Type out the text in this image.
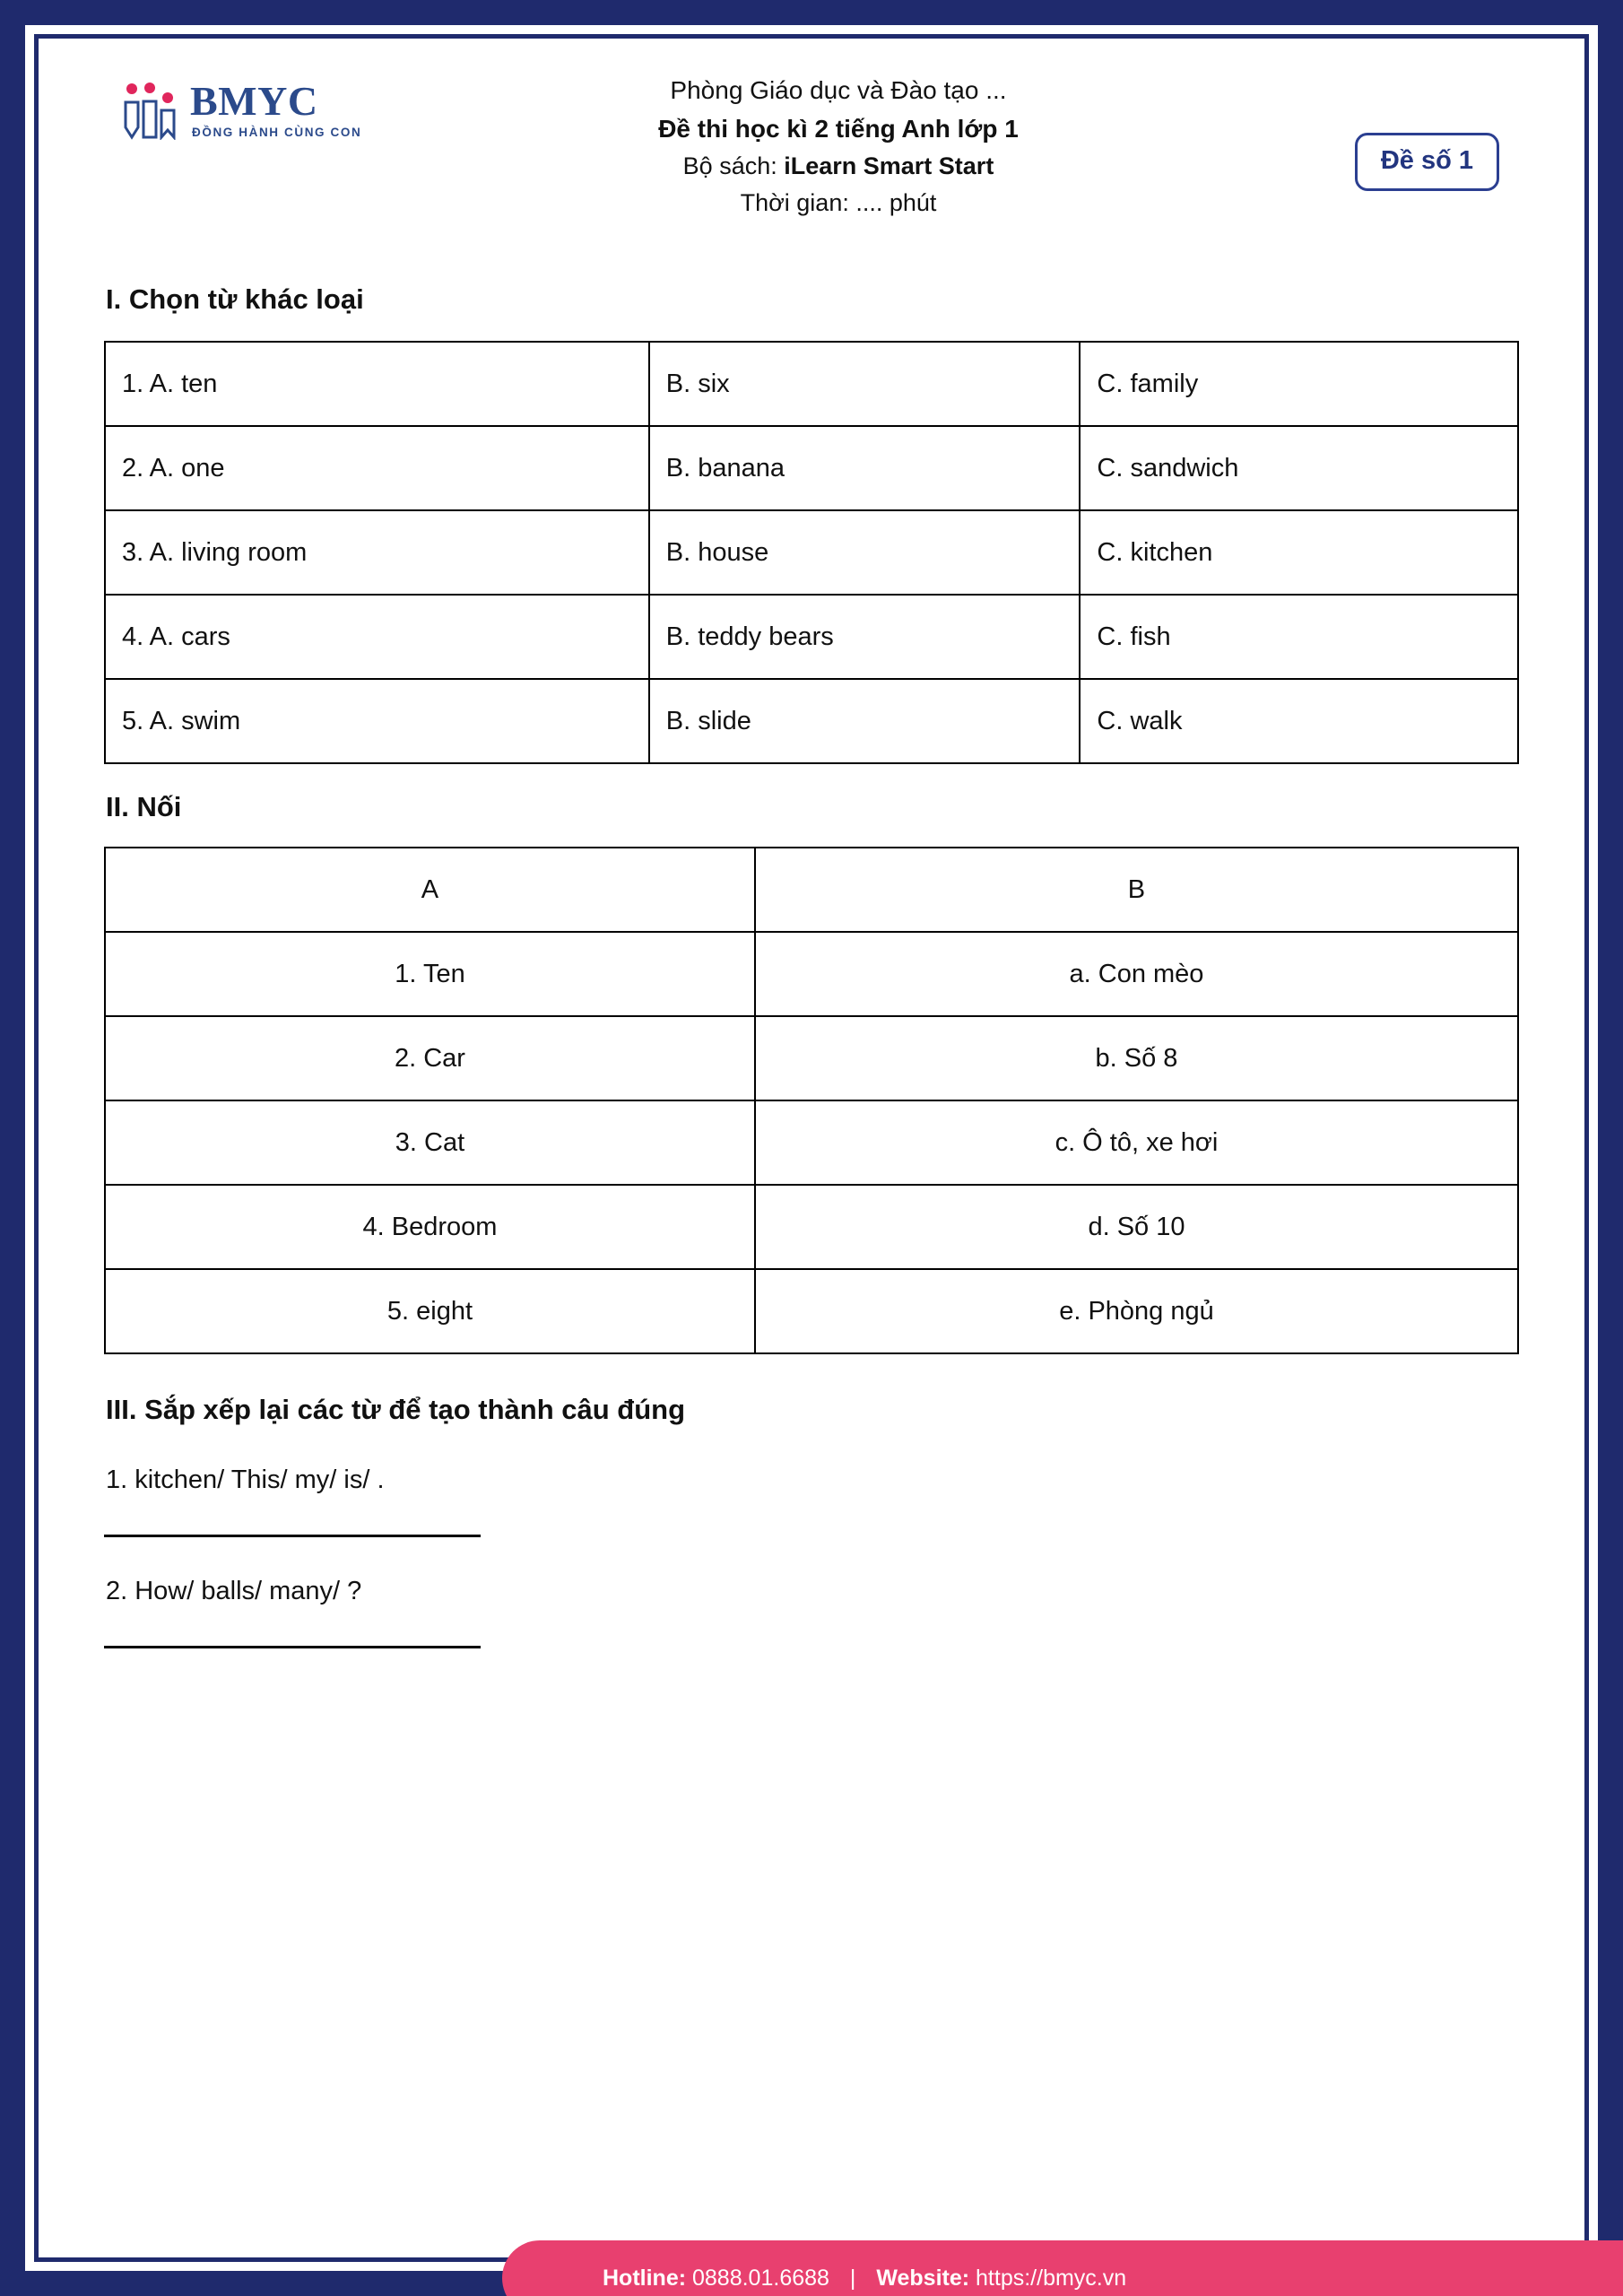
BMYC
ĐỒNG HÀNH CÙNG CON
Phòng Giáo dục và Đào tạo ...
Đề thi học kì 2 tiếng Anh lớp 1
Bộ sách: iLearn Smart Start
Thời gian: .... phút
Đề số 1
I. Chọn từ khác loại
1. A. ten	B. six	C. family
2. A. one	B. banana	C. sandwich
3. A. living room	B. house	C. kitchen
4. A. cars	B. teddy bears	C. fish
5. A. swim	B. slide	C. walk
II. Nối
A	B
1. Ten	a. Con mèo
2. Car	b. Số 8
3. Cat	c. Ô tô, xe hơi
4. Bedroom	d. Số 10
5. eight	e. Phòng ngủ
III. Sắp xếp lại các từ để tạo thành câu đúng
1. kitchen/ This/ my/ is/ .
2. How/ balls/ many/ ?
Hotline: 0888.01.6688 | Website: https://bmyc.vn
